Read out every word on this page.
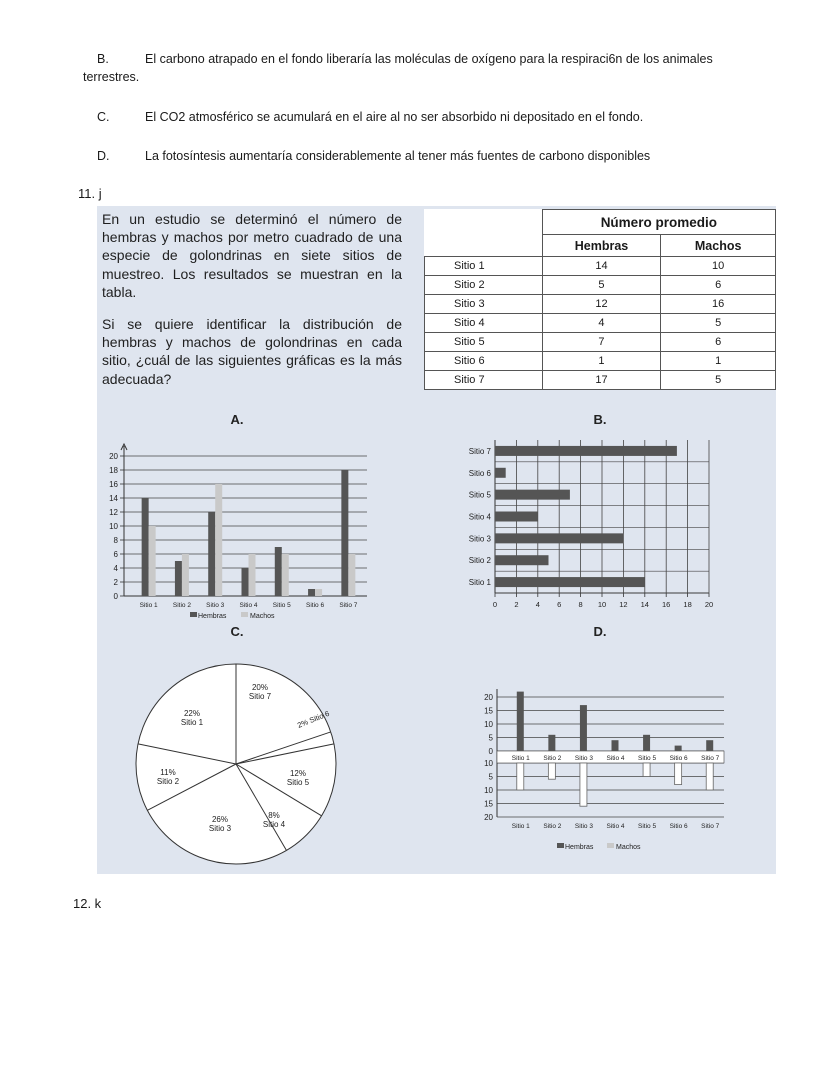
B.	El carbono atrapado en el fondo liberaría las moléculas de oxígeno para la respiraci6n de los animales
terrestres.
C.	El CO2 atmosférico se acumulará en el aire al no ser absorbido ni depositado en el fondo.
D.	La fotosíntesis aumentaría considerablemente al tener más fuentes de carbono disponibles
11. j

En un estudio se determinó el número de hembras y machos por metro cuadrado de una especie de golondrinas en siete sitios de muestreo. Los resultados se muestran en la tabla.

Si se quiere identificar la distribución de hembras y machos de golondrinas en cada sitio, ¿cuál de las siguientes gráficas es la más adecuada?

	Número promedio	
	Hembras	Machos
Sitio 1	14	10
Sitio 2	5	6
Sitio 3	12	16
Sitio 4	4	5
Sitio 5	7	6
Sitio 6	1	1
Sitio 7	17	5
A.
0
2
4
6
8
10
12
14
16
18
20
Sitio 1 Sitio 2 Sitio 3 Sitio 4 Sitio 5 Sitio 6 Sitio 7
Hembras	Machos
B.
0 2 4 6 8 10 12 14 16 18 20
Sitio 1
Sitio 2
Sitio 3
Sitio 4
Sitio 5
Sitio 6
Sitio 7
C.
20%
Sitio 7
2% Sitio 6
12%
Sitio 5
8%
Sitio 4
26%
Sitio 3
11%
Sitio 2
22%
Sitio 1
D.
20
15
10
5
0
10
5
10
15
20
Sitio 1
Sitio 1
Sitio 2
Sitio 2
Sitio 3
Sitio 3
Sitio 4
Sitio 4
Sitio 5
Sitio 5
Sitio 6
Sitio 6
Sitio 7
Sitio 7
Hembras	Machos
12. k
